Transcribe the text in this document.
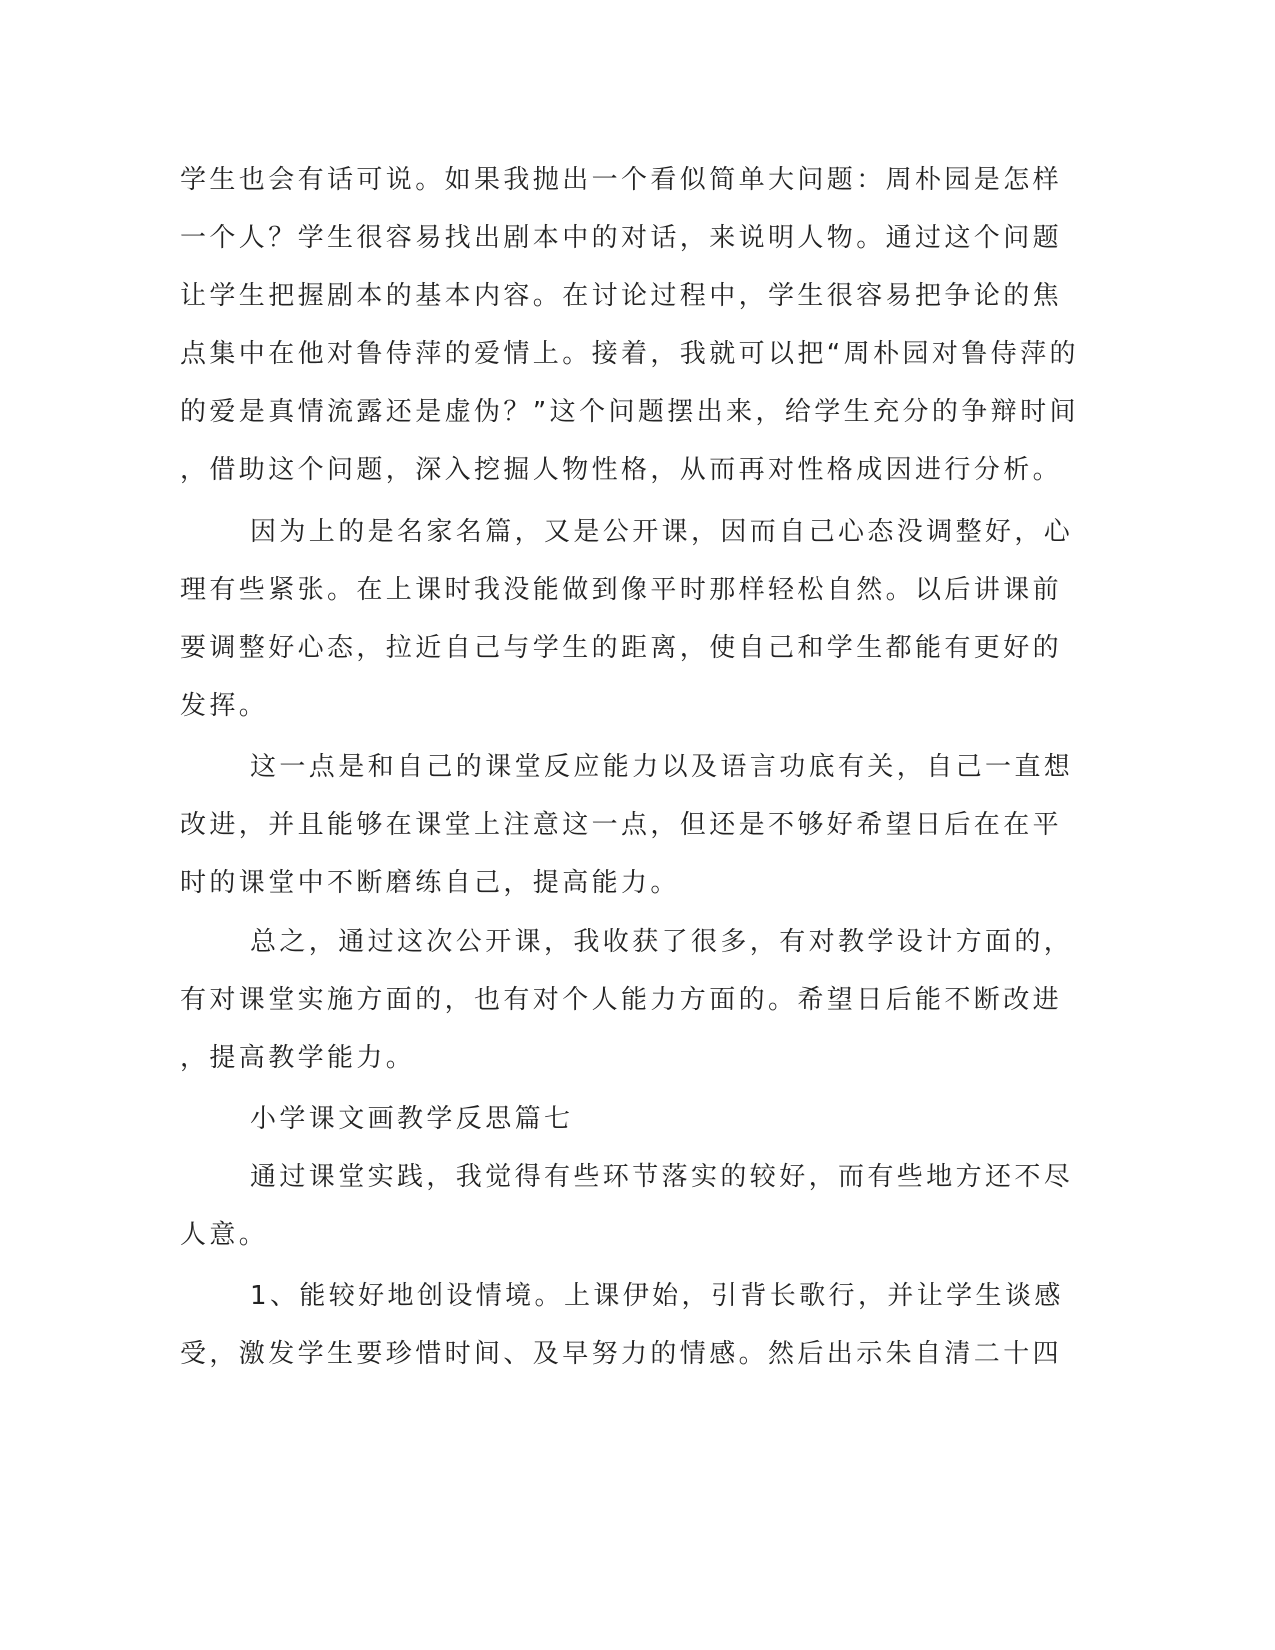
学生也会有话可说。如果我抛出一个看似简单大问题：周朴园是怎样
一个人？学生很容易找出剧本中的对话，来说明人物。通过这个问题
让学生把握剧本的基本内容。在讨论过程中，学生很容易把争论的焦
点集中在他对鲁侍萍的爱情上。接着，我就可以把“周朴园对鲁侍萍的
的爱是真情流露还是虚伪？”这个问题摆出来，给学生充分的争辩时间
，借助这个问题，深入挖掘人物性格，从而再对性格成因进行分析。
因为上的是名家名篇，又是公开课，因而自己心态没调整好，心
理有些紧张。在上课时我没能做到像平时那样轻松自然。以后讲课前
要调整好心态，拉近自己与学生的距离，使自己和学生都能有更好的
发挥。
这一点是和自己的课堂反应能力以及语言功底有关，自己一直想
改进，并且能够在课堂上注意这一点，但还是不够好希望日后在在平
时的课堂中不断磨练自己，提高能力。
总之，通过这次公开课，我收获了很多，有对教学设计方面的，
有对课堂实施方面的，也有对个人能力方面的。希望日后能不断改进
，提高教学能力。
小学课文画教学反思篇七
通过课堂实践，我觉得有些环节落实的较好，而有些地方还不尽
人意。
1、能较好地创设情境。上课伊始，引背长歌行，并让学生谈感
受，激发学生要珍惜时间、及早努力的情感。然后出示朱自清二十四
